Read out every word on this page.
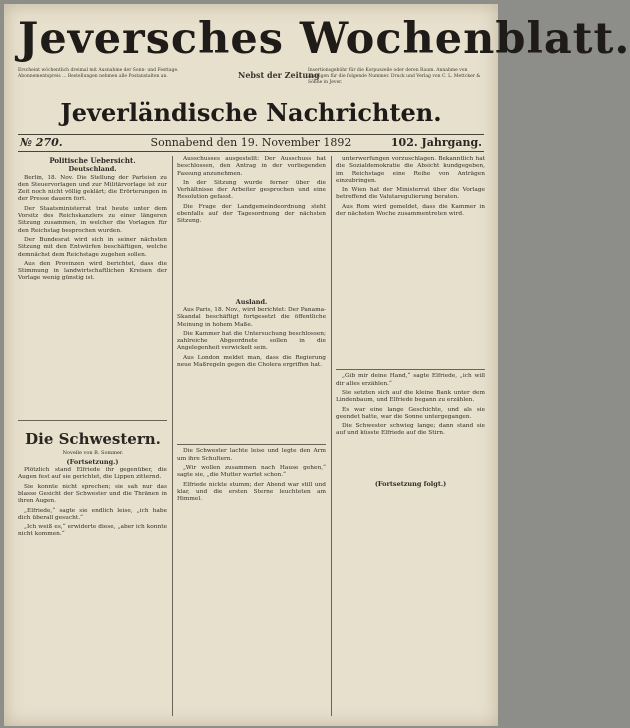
Jeversches Wochenblatt.
Erscheint wöchentlich dreimal mit Ausnahme der Sonn- und Festtage. Abonnementspreis ... Bestellungen nehmen alle Postanstalten an.	Nebst der Zeitung
Insertionsgebühr für die Korpuszeile oder deren Raum. Annahme von Anzeigen für die folgende Nummer. Druck und Verlag von C. L. Mettcker & Söhne in Jever.
Jeverländische Nachrichten.
№ 270.	Sonnabend den 19. November 1892	102. Jahrgang.
Politische Uebersicht.
Deutschland.

Berlin, 18. Nov. Die Stellung der Parteien zu den Steuervorlagen und zur Militärvorlage ist zur Zeit noch nicht völlig geklärt; die Erörterungen in der Presse dauern fort.

Der Staatsministerrat trat heute unter dem Vorsitz des Reichskanzlers zu einer längeren Sitzung zusammen, in welcher die Vorlagen für den Reichstag besprochen wurden.

Der Bundesrat wird sich in seiner nächsten Sitzung mit den Entwürfen beschäftigen, welche demnächst dem Reichstage zugehen sollen.

Aus den Provinzen wird berichtet, dass die Stimmung in landwirtschaftlichen Kreisen der Vorlage wenig günstig ist.

(Fortsetzung.)

Plötzlich stand Elfriede ihr gegenüber, die Augen fest auf sie gerichtet, die Lippen zitternd.

Sie konnte nicht sprechen; sie sah nur das blasse Gesicht der Schwester und die Thränen in ihren Augen.

„Elfriede,“ sagte sie endlich leise, „ich habe dich überall gesucht.“

„Ich weiß es,“ erwiderte diese, „aber ich konnte nicht kommen.“

Die Schwestern.
Novelle von B. Sommer.

Ausschusses ausgestellt: Der Ausschuss hat beschlossen, den Antrag in der vorliegenden Fassung anzunehmen.

In der Sitzung wurde ferner über die Verhältnisse der Arbeiter gesprochen und eine Resolution gefasst.

Die Frage der Landgemeindeordnung steht ebenfalls auf der Tagesordnung der nächsten Sitzung.

Ausland.

Aus Paris, 18. Nov., wird berichtet: Der Panama-Skandal beschäftigt fortgesetzt die öffentliche Meinung in hohem Maße.

Die Kammer hat die Untersuchung beschlossen; zahlreiche Abgeordnete sollen in die Angelegenheit verwickelt sein.

Aus London meldet man, dass die Regierung neue Maßregeln gegen die Cholera ergriffen hat.

Die Schwester lachte leise und legte den Arm um ihre Schultern.

„Wir wollen zusammen nach Hause gehen,“ sagte sie, „die Mutter wartet schon.“

Elfriede nickte stumm; der Abend war still und klar, und die ersten Sterne leuchteten am Himmel.

unterwerfungen vorzuschlagen. Bekanntlich hat die Sozialdemokratie die Absicht kundgegeben, im Reichstage eine Reihe von Anträgen einzubringen.

In Wien hat der Ministerrat über die Vorlage betreffend die Valutaregulierung beraten.

Aus Rom wird gemeldet, dass die Kammer in der nächsten Woche zusammentreten wird.

„Gib mir deine Hand,“ sagte Elfriede, „ich will dir alles erzählen.“

Sie setzten sich auf die kleine Bank unter dem Lindenbaum, und Elfriede begann zu erzählen.

Es war eine lange Geschichte, und als sie geendet hatte, war die Sonne untergegangen.

Die Schwester schwieg lange; dann stand sie auf und küsste Elfriede auf die Stirn.

(Fortsetzung folgt.)
